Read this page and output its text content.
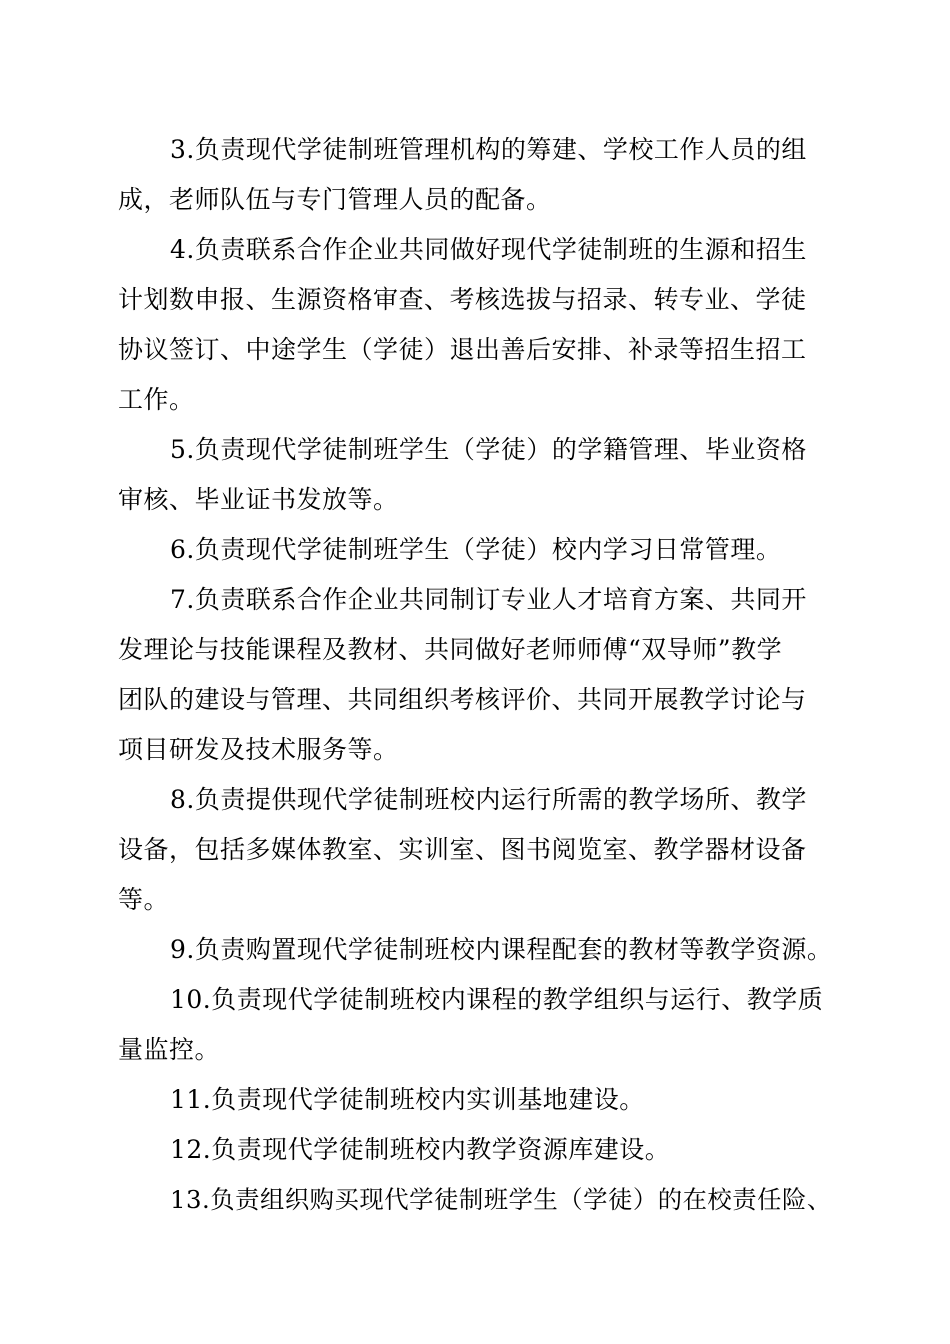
3.负责现代学徒制班管理机构的筹建、学校工作人员的组
成，老师队伍与专门管理人员的配备。
4.负责联系合作企业共同做好现代学徒制班的生源和招生
计划数申报、生源资格审查、考核选拔与招录、转专业、学徒
协议签订、中途学生（学徒）退出善后安排、补录等招生招工
工作。
5.负责现代学徒制班学生（学徒）的学籍管理、毕业资格
审核、毕业证书发放等。
6.负责现代学徒制班学生（学徒）校内学习日常管理。
7.负责联系合作企业共同制订专业人才培育方案、共同开
发理论与技能课程及教材、共同做好老师师傅“双导师”教学
团队的建设与管理、共同组织考核评价、共同开展教学讨论与
项目研发及技术服务等。
8.负责提供现代学徒制班校内运行所需的教学场所、教学
设备，包括多媒体教室、实训室、图书阅览室、教学器材设备
等。
9.负责购置现代学徒制班校内课程配套的教材等教学资源。
10.负责现代学徒制班校内课程的教学组织与运行、教学质
量监控。
11.负责现代学徒制班校内实训基地建设。
12.负责现代学徒制班校内教学资源库建设。
13.负责组织购买现代学徒制班学生（学徒）的在校责任险、
